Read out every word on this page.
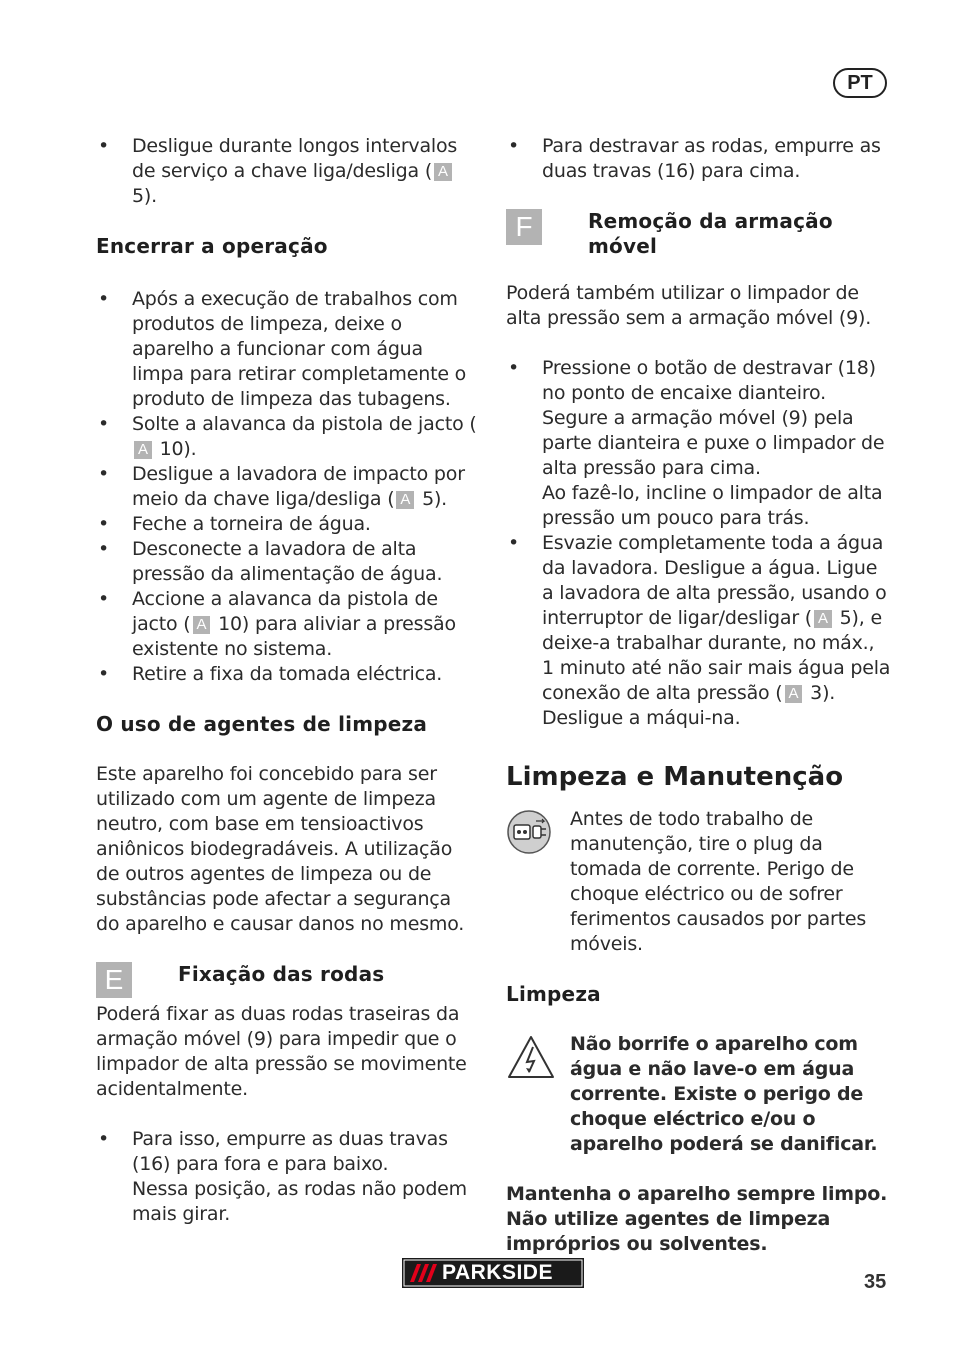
PT
• Desligue durante longos intervalos de serviço a chave liga/desliga ( A 5).
Encerrar a operação
• Após a execução de trabalhos com produtos de limpeza, deixe o aparelho a funcionar com água limpa para retirar completamente o produto de limpeza das tubagens.
• Solte a alavanca da pistola de jacto (A 10).
• Desligue a lavadora de impacto por meio da chave liga/desliga ( A 5).
• Feche a torneira de água.
• Desconecte a lavadora de alta pressão da alimentação de água.
• Accione a alavanca da pistola de jacto ( A 10) para aliviar a pressão existente no sistema.
• Retire a fixa da tomada eléctrica.
O uso de agentes de limpeza
Este aparelho foi concebido para ser utilizado com um agente de limpeza neutro, com base em tensioactivos aniônicos biodegradáveis. A utilização de outros agentes de limpeza ou de substâncias pode afectar a segurança do aparelho e causar danos no mesmo.
E	Fixação das rodas
Poderá fixar as duas rodas traseiras da armação móvel (9) para impedir que o limpador de alta pressão se movimente acidentalmente.
• Para isso, empurre as duas travas (16) para fora e para baixo.
Nessa posição, as rodas não podem mais girar.
• Para destravar as rodas, empurre as duas travas (16) para cima.
F	Remoção da armação móvel
Poderá também utilizar o limpador de alta pressão sem a armação móvel (9).
• Pressione o botão de destravar (18) no ponto de encaixe dianteiro. Segure a armação móvel (9) pela parte dianteira e puxe o limpador de alta pressão para cima.
Ao fazê-lo, incline o limpador de alta pressão um pouco para trás.
• Esvazie completamente toda a água da lavadora. Desligue a água. Ligue a lavadora de alta pressão, usando o interruptor de ligar/desligar ( A 5), e deixe-a trabalhar durante, no máx., 1 minuto até não sair mais água pela conexão de alta pressão ( A 3). Desligue a máqui-na.
Limpeza e Manutenção
Antes de todo trabalho de manutenção, tire o plug da tomada de corrente. Perigo de choque eléctrico ou de sofrer ferimentos causados por partes móveis.
Limpeza
Não borrife o aparelho com água e não lave-o em água corrente. Existe o perigo de choque eléctrico e/ou o aparelho poderá se danificar.
Mantenha o aparelho sempre limpo. Não utilize agentes de limpeza impróprios ou solventes.
PARKSIDE	35
